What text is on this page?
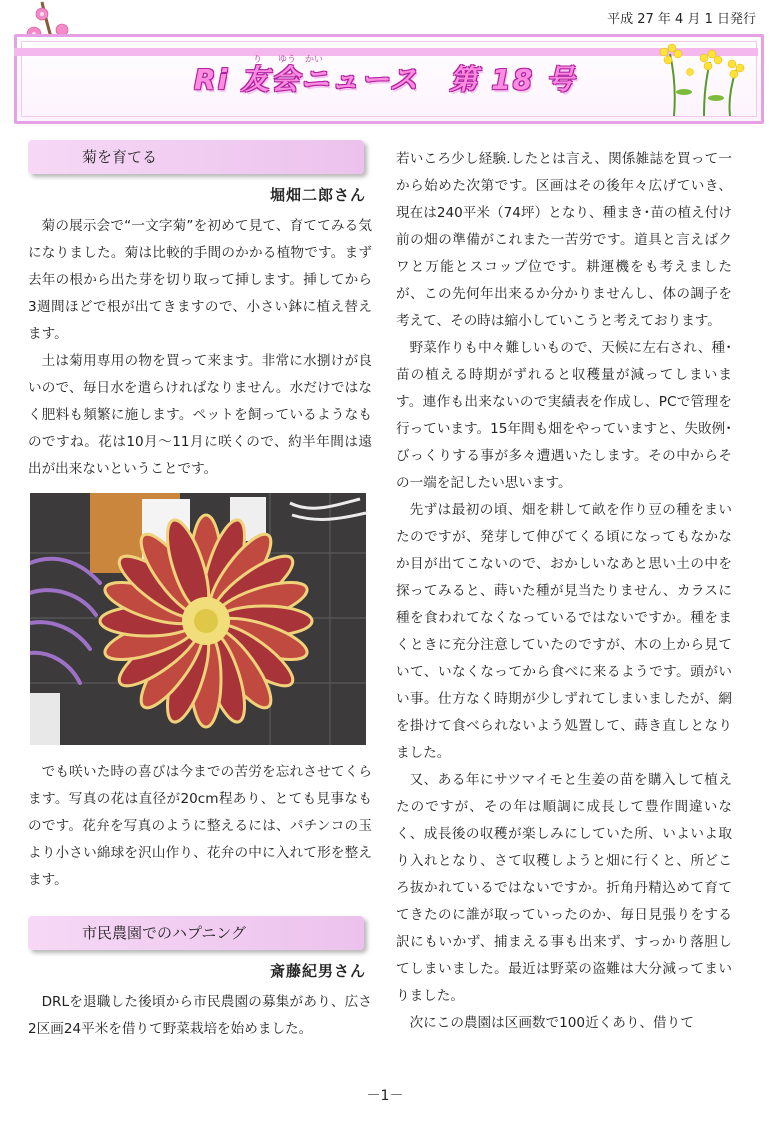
平成 27 年 4 月 1 日発行
り ゆう かい
Ri 友会ニュース　第 18 号
菊を育てる
堀畑二郎さん

菊の展示会で“一文字菊”を初めて見て、育ててみる気になりました。菊は比較的手間のかかる植物です。まず去年の根から出た芽を切り取って挿します。挿してから3週間ほどで根が出てきますので、小さい鉢に植え替えます。

土は菊用専用の物を買って来ます。非常に水捌けが良いので、毎日水を遣らければなりません。水だけではなく肥料も頻繁に施します。ペットを飼っているようなものですね。花は10月～11月に咲くので、約半年間は遠出が出来ないということです。

でも咲いた時の喜びは今までの苦労を忘れさせてくらます。写真の花は直径が20cm程あり、とても見事なものです。花弁を写真のように整えるには、パチンコの玉より小さい綿球を沢山作り、花弁の中に入れて形を整えます。

市民農園でのハプニング
斎藤紀男さん

DRLを退職した後頃から市民農園の募集があり、広さ2区画24平米を借りて野菜栽培を始めました。

若いころ少し経験.したとは言え、関係雑誌を買って一から始めた次第です。区画はその後年々広げていき、現在は240平米（74坪）となり、種まき･苗の植え付け前の畑の準備がこれまた一苦労です。道具と言えばクワと万能とスコップ位です。耕運機をも考えましたが、この先何年出来るか分かりませんし、体の調子を考えて、その時は縮小していこうと考えております。

野菜作りも中々難しいもので、天候に左右され、種･苗の植える時期がずれると収穫量が減ってしまいます。連作も出来ないので実績表を作成し、PCで管理を行っています。15年間も畑をやっていますと、失敗例･びっくりする事が多々遭遇いたします。その中からその一端を記したい思います。

先ずは最初の頃、畑を耕して畝を作り豆の種をまいたのですが、発芽して伸びてくる頃になってもなかなか目が出てこないので、おかしいなあと思い土の中を探ってみると、蒔いた種が見当たりません、カラスに種を食われてなくなっているではないですか。種をまくときに充分注意していたのですが、木の上から見ていて、いなくなってから食べに来るようです。頭がいい事。仕方なく時期が少しずれてしまいましたが、網を掛けて食べられないよう処置して、蒔き直しとなりました。

又、ある年にサツマイモと生姜の苗を購入して植えたのですが、その年は順調に成長して豊作間違いなく、成長後の収穫が楽しみにしていた所、いよいよ取り入れとなり、さて収穫しようと畑に行くと、所どころ抜かれているではないですか。折角丹精込めて育ててきたのに誰が取っていったのか、毎日見張りをする訳にもいかず、捕まえる事も出来ず、すっかり落胆してしまいました。最近は野菜の盗難は大分減ってまいりました。

次にこの農園は区画数で100近くあり、借りて

－1－
